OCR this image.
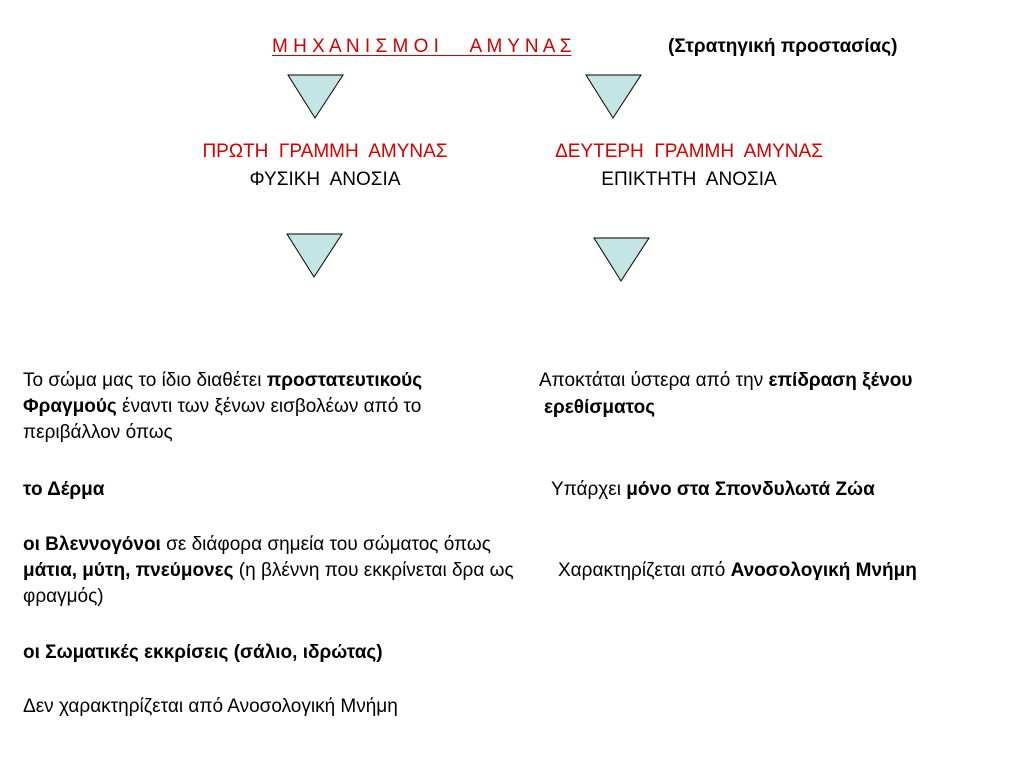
Μ Η Χ Α Ν Ι Σ Μ Ο Ι      Α Μ Υ Ν Α Σ	(Στρατηγική προστασίας)
ΠΡΩΤΗ  ΓΡΑΜΜΗ  ΑΜΥΝΑΣ
ΦΥΣΙΚΗ  ΑΝΟΣΙΑ
ΔΕΥΤΕΡΗ  ΓΡΑΜΜΗ  ΑΜΥΝΑΣ
ΕΠΙΚΤΗΤΗ  ΑΝΟΣΙΑ
Το σώμα μας το ίδιο διαθέτει προστατευτικούς Φραγμούς έναντι των ξένων εισβολέων από το περιβάλλον όπως
το Δέρμα
οι Βλεννογόνοι σε διάφορα σημεία του σώματος όπως μάτια, μύτη, πνεύμονες (η βλέννη που εκκρίνεται δρα ως φραγμός)
οι Σωματικές εκκρίσεις (σάλιο, ιδρώτας)
Δεν χαρακτηρίζεται από Ανοσολογική Μνήμη
Αποκτάται ύστερα από την επίδραση ξένου
ερεθίσματος
Υπάρχει μόνο στα Σπονδυλωτά Ζώα
Χαρακτηρίζεται από Ανοσολογική Μνήμη
